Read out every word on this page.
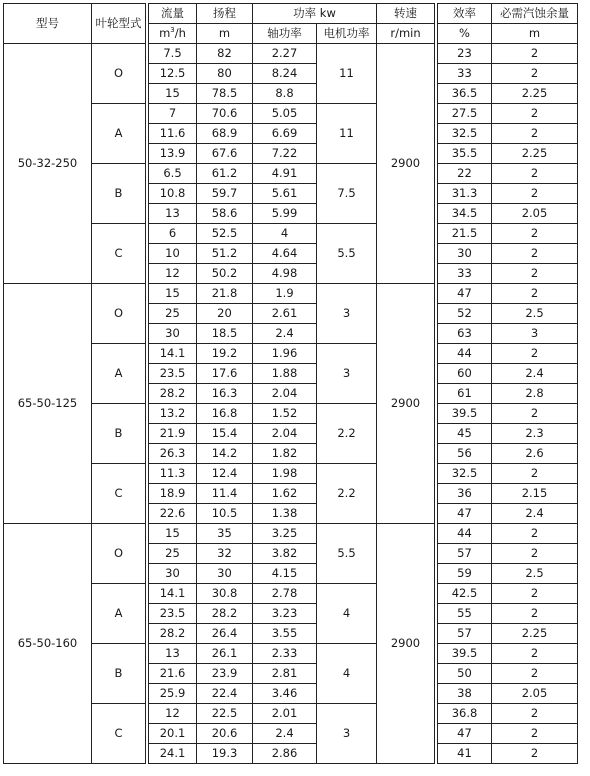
型号	叶轮型式		流量	扬程	功率 kw		转速		效率	必需汽蚀余量
			$m^3/h$	m	轴功率	电机功率	r/min		%	m
50-32-250	O		7.5	82	2.27	11	2900		23	2
			12.5	80	8.24				33	2
			15	78.5	8.8				36.5	2.25
	A		7	70.6	5.05	11			27.5	2
			11.6	68.9	6.69				32.5	2
			13.9	67.6	7.22				35.5	2.25
	B		6.5	61.2	4.91	7.5			22	2
			10.8	59.7	5.61				31.3	2
			13	58.6	5.99				34.5	2.05
	C		6	52.5	4	5.5			21.5	2
			10	51.2	4.64				30	2
			12	50.2	4.98				33	2
65-50-125	O		15	21.8	1.9	3	2900		47	2
			25	20	2.61				52	2.5
			30	18.5	2.4				63	3
	A		14.1	19.2	1.96	3			44	2
			23.5	17.6	1.88				60	2.4
			28.2	16.3	2.04				61	2.8
	B		13.2	16.8	1.52	2.2			39.5	2
			21.9	15.4	2.04				45	2.3
			26.3	14.2	1.82				56	2.6
	C		11.3	12.4	1.98	2.2			32.5	2
			18.9	11.4	1.62				36	2.15
			22.6	10.5	1.38				47	2.4
65-50-160	O		15	35	3.25	5.5	2900		44	2
			25	32	3.82				57	2
			30	30	4.15				59	2.5
	A		14.1	30.8	2.78	4			42.5	2
			23.5	28.2	3.23				55	2
			28.2	26.4	3.55				57	2.25
	B		13	26.1	2.33	4			39.5	2
			21.6	23.9	2.81				50	2
			25.9	22.4	3.46				38	2.05
	C		12	22.5	2.01	3			36.8	2
			20.1	20.6	2.4				47	2
			24.1	19.3	2.86				41	2
